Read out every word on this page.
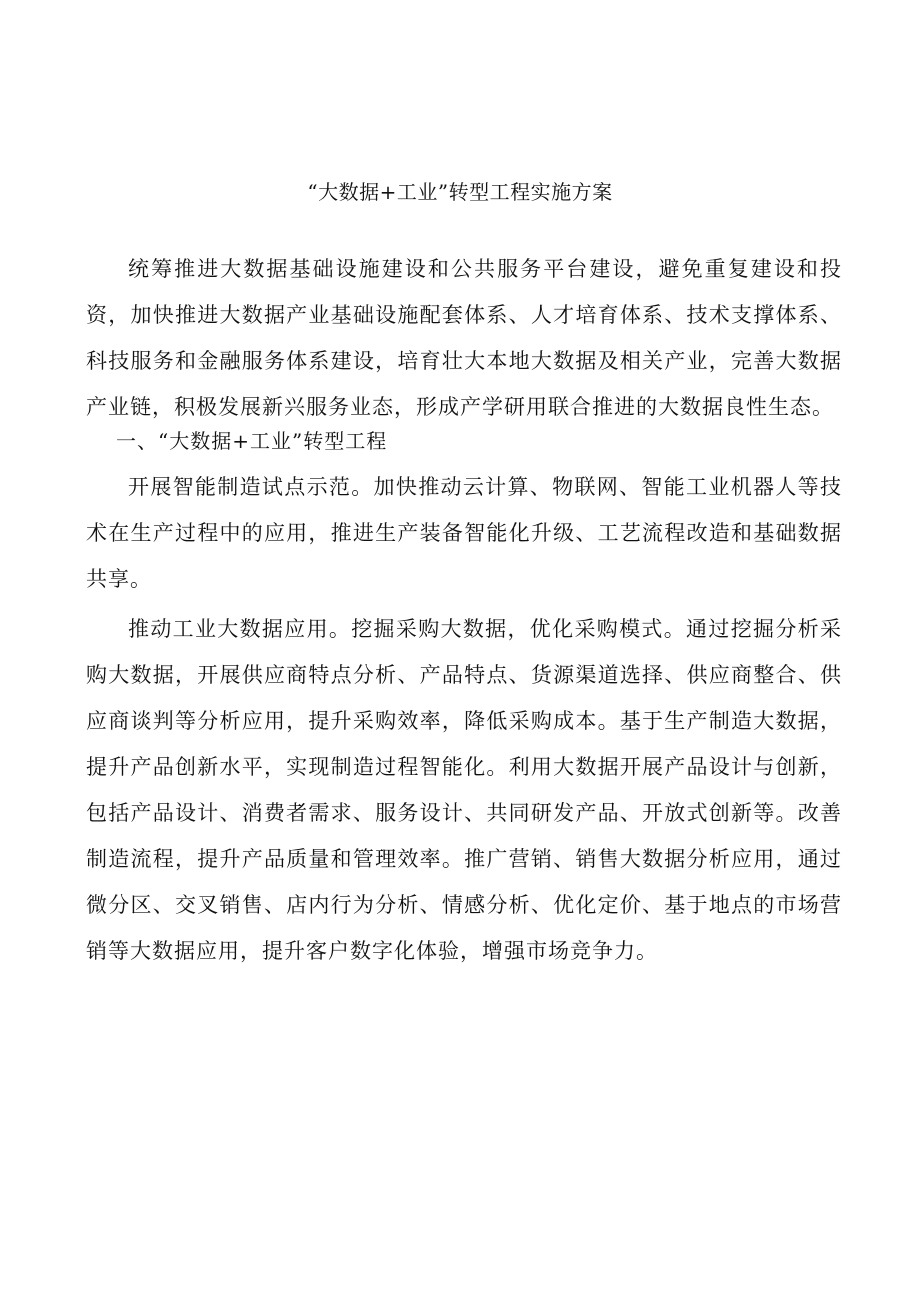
“大数据+工业”转型工程实施方案

统筹推进大数据基础设施建设和公共服务平台建设，避免重复建设和投资，加快推进大数据产业基础设施配套体系、人才培育体系、技术支撑体系、科技服务和金融服务体系建设，培育壮大本地大数据及相关产业，完善大数据产业链，积极发展新兴服务业态，形成产学研用联合推进的大数据良性生态。

一、“大数据+工业”转型工程

开展智能制造试点示范。加快推动云计算、物联网、智能工业机器人等技术在生产过程中的应用，推进生产装备智能化升级、工艺流程改造和基础数据共享。

推动工业大数据应用。挖掘采购大数据，优化采购模式。通过挖掘分析采购大数据，开展供应商特点分析、产品特点、货源渠道选择、供应商整合、供应商谈判等分析应用，提升采购效率，降低采购成本。基于生产制造大数据，提升产品创新水平，实现制造过程智能化。利用大数据开展产品设计与创新，包括产品设计、消费者需求、服务设计、共同研发产品、开放式创新等。改善制造流程，提升产品质量和管理效率。推广营销、销售大数据分析应用，通过微分区、交叉销售、店内行为分析、情感分析、优化定价、基于地点的市场营销等大数据应用，提升客户数字化体验，增强市场竞争力。
